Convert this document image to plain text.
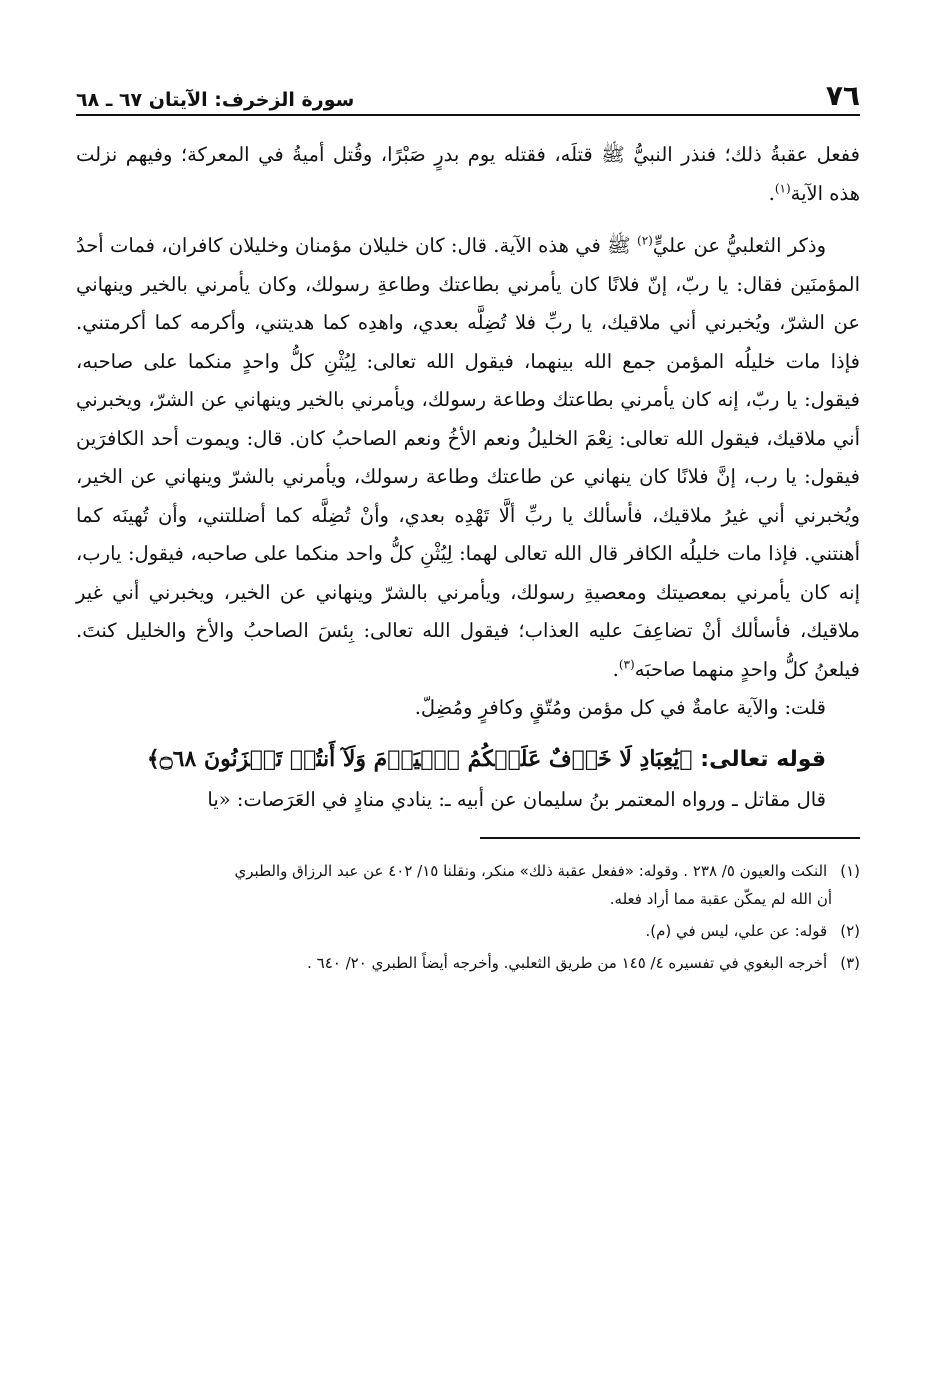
٧٦
سورة الزخرف: الآيتان ٦٧ ـ ٦٨

ففعل عقبةُ ذلك؛ فنذر النبيُّ ﷺ قتلَه، فقتله يوم بدرٍ صَبْرًا، وقُتل أميةُ في المعركة؛ وفيهم نزلت هذه الآية$^{(١)}$.

وذكر الثعلبيُّ عن عليٍّ$^{(٢)}$ ﷺ في هذه الآية. قال: كان خليلان مؤمنان وخليلان كافران، فمات أحدُ المؤمنَين فقال: يا ربّ، إنّ فلانًا كان يأمرني بطاعتك وطاعةِ رسولك، وكان يأمرني بالخير وينهاني عن الشرّ، ويُخبرني أني ملاقيك، يا ربِّ فلا تُضِلَّه بعدي، واهدِه كما هديتني، وأكرمه كما أكرمتني. فإذا مات خليلُه المؤمن جمع الله بينهما، فيقول الله تعالى: لِيُثْنِ كلُّ واحدٍ منكما على صاحبه، فيقول: يا ربّ، إنه كان يأمرني بطاعتك وطاعة رسولك، ويأمرني بالخير وينهاني عن الشرّ، ويخبرني أني ملاقيك، فيقول الله تعالى: نِعْمَ الخليلُ ونعم الأخُ ونعم الصاحبُ كان. قال: ويموت أحد الكافرَين فيقول: يا رب، إنَّ فلانًا كان ينهاني عن طاعتك وطاعة رسولك، ويأمرني بالشرّ وينهاني عن الخير، ويُخبرني أني غيرُ ملاقيك، فأسألك يا ربِّ ألَّا تَهْدِه بعدي، وأنْ تُضِلَّه كما أضللتني، وأن تُهينَه كما أهنتني. فإذا مات خليلُه الكافر قال الله تعالى لهما: لِيُثْنِ كلُّ واحد منكما على صاحبه، فيقول: يارب، إنه كان يأمرني بمعصيتك ومعصيةِ رسولك، ويأمرني بالشرّ وينهاني عن الخير، ويخبرني أني غير ملاقيك، فأسألك أنْ تضاعِفَ عليه العذاب؛ فيقول الله تعالى: بِئسَ الصاحبُ والأخ والخليل كنتَ. فيلعنُ كلُّ واحدٍ منهما صاحبَه$^{(٣)}$.

قلت: والآية عامةٌ في كل مؤمن ومُتّقٍ وكافرٍ ومُضِلّ.

قوله تعالى: ﴿يَٰعِبَادِ لَا خَوۡفٌ عَلَيۡكُمُ ٱلۡيَوۡمَ وَلَآ أَنتُمۡ تَحۡزَنُونَ ۝٦٨﴾

قال مقاتل ـ ورواه المعتمر بنُ سليمان عن أبيه ـ: ينادي منادٍ في العَرَصات: «يا

(١) النكت والعيون ٥/ ٢٣٨ . وقوله: «ففعل عقبة ذلك» منكر، ونقلنا ١٥/ ٤٠٢ عن عبد الرزاق والطبري
أن الله لم يمكّن عقبة مما أراد فعله.
(٢) قوله: عن علي، ليس في (م).
(٣) أخرجه البغوي في تفسيره ٤/ ١٤٥ من طريق الثعلبي. وأخرجه أيضاً الطبري ٢٠/ ٦٤٠ .
